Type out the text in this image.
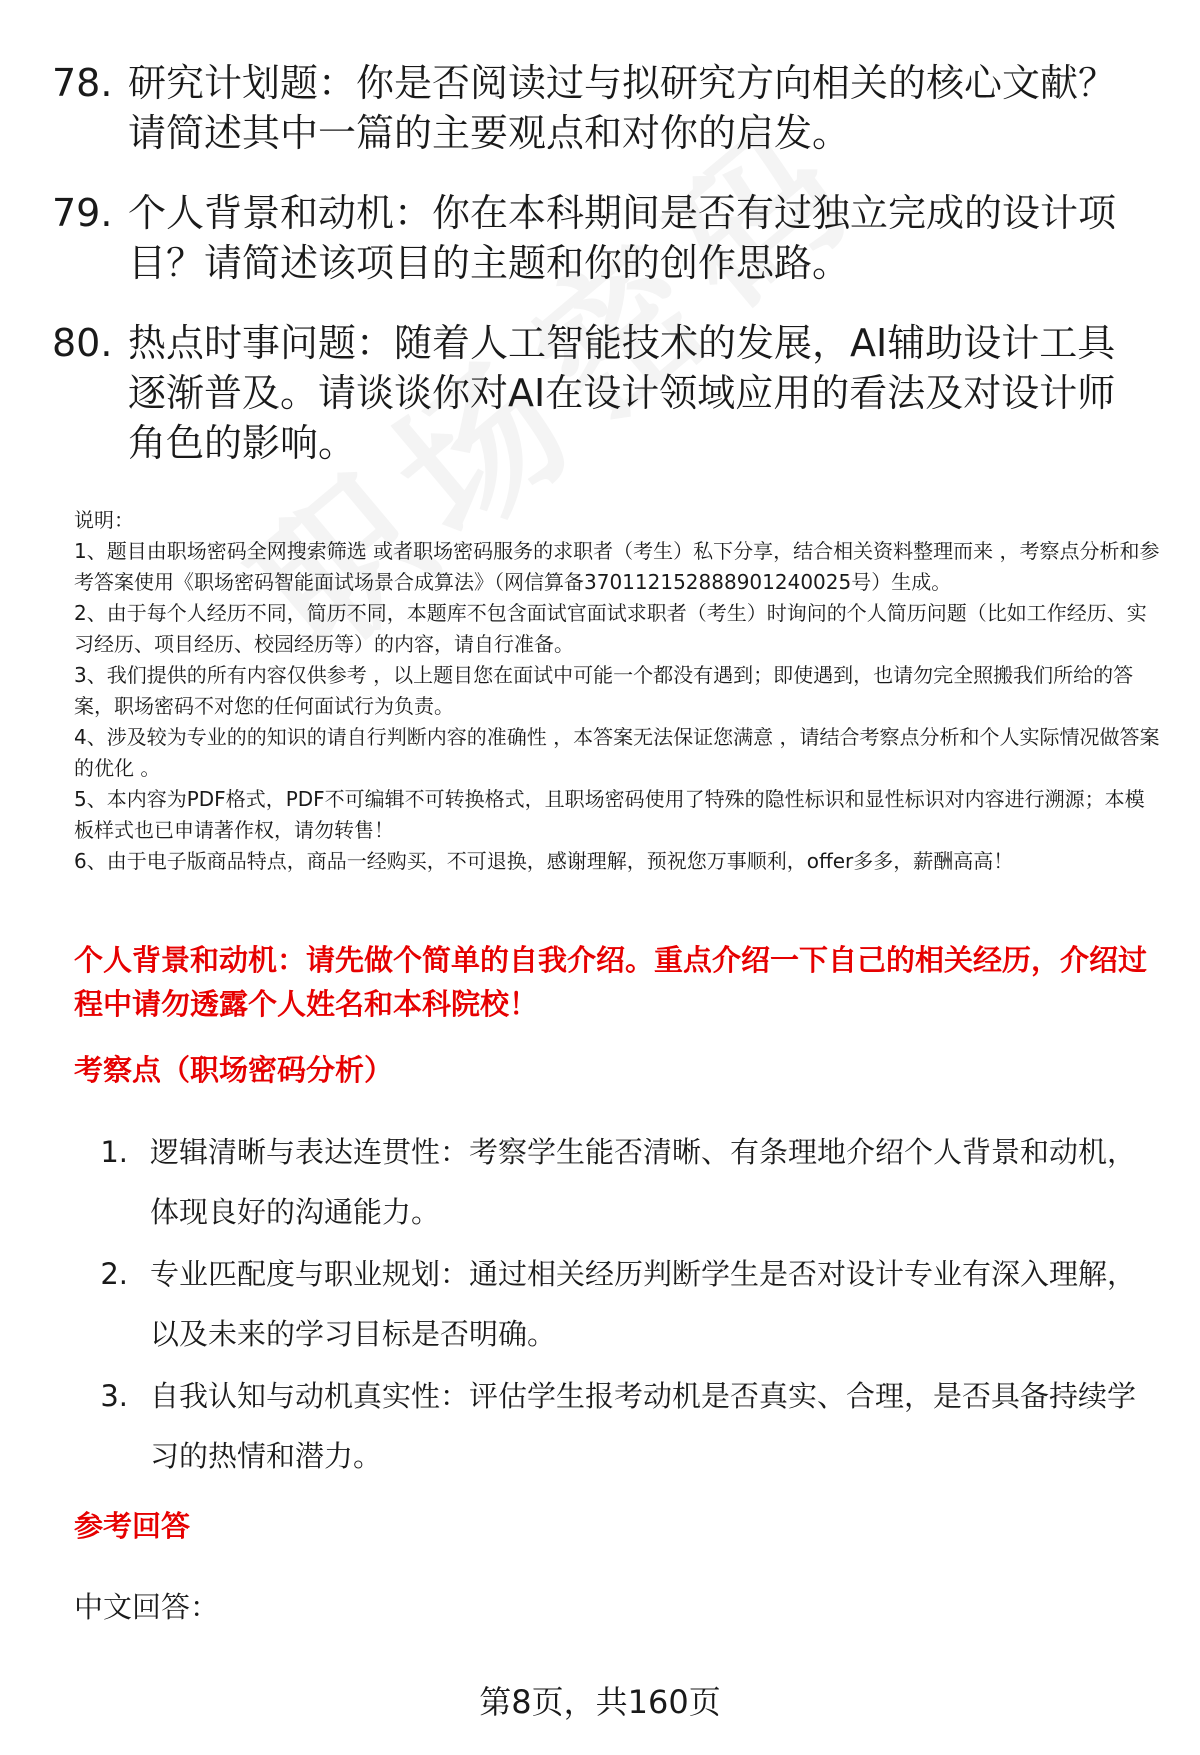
78. 研究计划题：你是否阅读过与拟研究方向相关的核心文献？请简述其中一篇的主要观点和对你的启发。
79. 个人背景和动机：你在本科期间是否有过独立完成的设计项目？请简述该项目的主题和你的创作思路。
80. 热点时事问题：随着人工智能技术的发展，AI辅助设计工具逐渐普及。请谈谈你对AI在设计领域应用的看法及对设计师角色的影响。

说明：

1、题目由职场密码全网搜索筛选 或者职场密码服务的求职者（考生）私下分享，结合相关资料整理而来 ，考察点分析和参考答案使用《职场密码智能面试场景合成算法》（网信算备370112152888901240025号）生成。

2、由于每个人经历不同，简历不同，本题库不包含面试官面试求职者（考生）时询问的个人简历问题（比如工作经历、实习经历、项目经历、校园经历等）的内容，请自行准备。

3、我们提供的所有内容仅供参考 ，以上题目您在面试中可能一个都没有遇到；即使遇到，也请勿完全照搬我们所给的答案，职场密码不对您的任何面试行为负责。

4、涉及较为专业的的知识的请自行判断内容的准确性 ，本答案无法保证您满意 ，请结合考察点分析和个人实际情况做答案的优化 。

5、本内容为PDF格式，PDF不可编辑不可转换格式，且职场密码使用了特殊的隐性标识和显性标识对内容进行溯源；本模板样式也已申请著作权，请勿转售！

6、由于电子版商品特点，商品一经购买，不可退换，感谢理解，预祝您万事顺利，offer多多，薪酬高高！

个人背景和动机：请先做个简单的自我介绍。重点介绍一下自己的相关经历，介绍过程中请勿透露个人姓名和本科院校！
考察点（职场密码分析）
1. 逻辑清晰与表达连贯性：考察学生能否清晰、有条理地介绍个人背景和动机，体现良好的沟通能力。
2. 专业匹配度与职业规划：通过相关经历判断学生是否对设计专业有深入理解，以及未来的学习目标是否明确。
3. 自我认知与动机真实性：评估学生报考动机是否真实、合理，是否具备持续学习的热情和潜力。
参考回答
中文回答：
第8页，共160页
